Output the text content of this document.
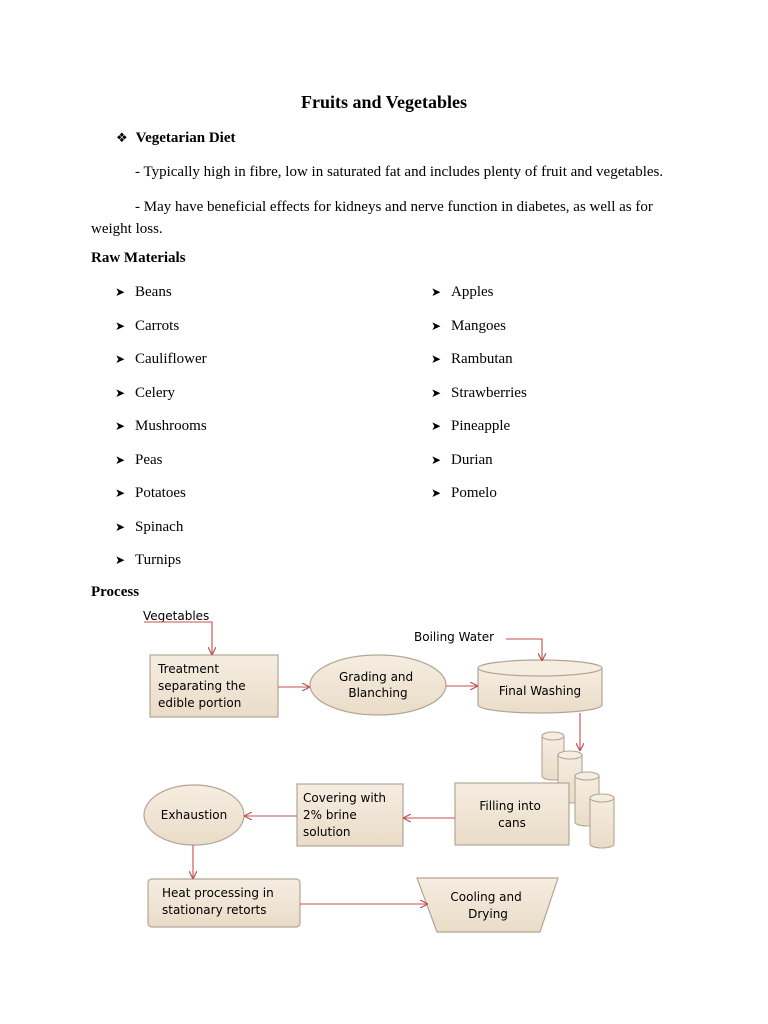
Fruits and Vegetables
❖ Vegetarian Diet
- Typically high in fibre, low in saturated fat and includes plenty of fruit and vegetables.
- May have beneficial effects for kidneys and nerve function in diabetes, as well as for weight loss.
Raw Materials
➤ Beans
➤ Carrots
➤ Cauliflower
➤ Celery
➤ Mushrooms
➤ Peas
➤ Potatoes
➤ Spinach
➤ Turnips
➤ Apples
➤ Mangoes
➤ Rambutan
➤ Strawberries
➤ Pineapple
➤ Durian
➤ Pomelo
Process
Vegetables
Boiling Water
Treatment separating the edible portion
Grading and Blanching	Final Washing
Filling into cans
Covering with 2% brine solution
Exhaustion
Heat processing in stationary retorts
Cooling and Drying
